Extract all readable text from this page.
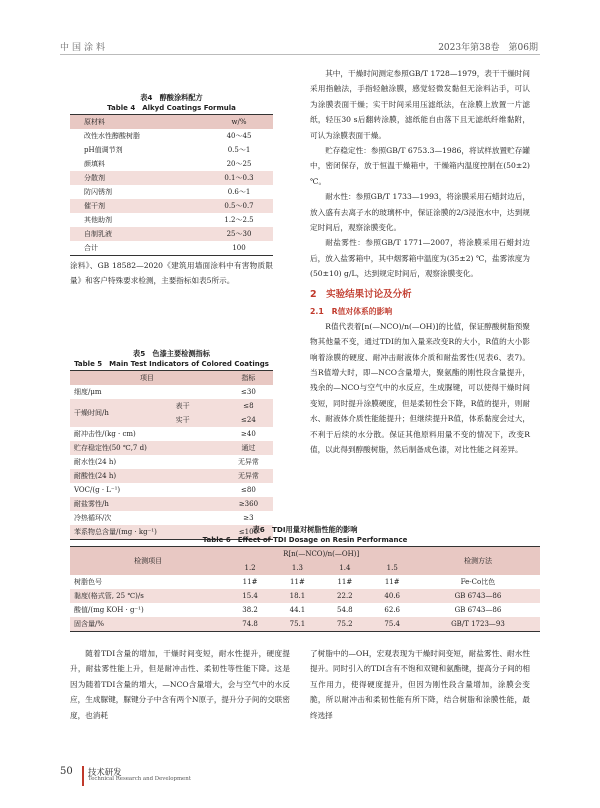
中国涂料	2023年第38卷　第06期
表4　醇酸涂料配方
Table 4　Alkyd Coatings Formula
原材料	w/%
改性水性醇酸树脂	40～45
pH值调节剂	0.5～1
颜填料	20～25
分散剂	0.1～0.3
防闪锈剂	0.6～1
催干剂	0.5～0.7
其他助剂	1.2～2.5
自制乳液	25～30
合计	100

涂料》、GB 18582—2020《建筑用墙面涂料中有害物质限量》和客户特殊要求检测，主要指标如表5所示。

表5　色漆主要检测指标
Table 5　Main Test Indicators of Colored Coatings
项目		指标
细度/μm		≤30
干燥时间/h	表干	≤8
	实干	≤24
耐冲击性/(kg · cm)		≥40
贮存稳定性(50 ℃,7 d)		通过
耐水性(24 h)		无异常
耐酸性(24 h)		无异常
VOC/(g · L⁻¹)		≤80
耐盐雾性/h		≥360
冷热循环/次		≥3
苯系物总含量/(mg · kg⁻¹)		≤100

其中，干燥时间测定参照GB/T 1728—1979，表干干燥时间采用指触法，手指轻触涂膜，感觉轻微发黏但无涂料沾手，可认为涂膜表面干燥；实干时间采用压滤纸法，在涂膜上放置一片滤纸，轻压30 s后翻转涂膜，滤纸能自由落下且无滤纸纤维黏附，可认为涂膜表面干燥。

贮存稳定性：参照GB/T 6753.3—1986，将试样放置贮存罐中，密闭保存，放于恒温干燥箱中，干燥箱内温度控制在(50±2) ℃。

耐水性：参照GB/T 1733—1993，将涂膜采用石蜡封边后，放入盛有去离子水的玻璃杯中，保证涂膜的2/3浸泡水中，达到规定时间后，观察涂膜变化。

耐盐雾性：参照GB/T 1771—2007，将涂膜采用石蜡封边后，放入盐雾箱中，其中烟雾箱中温度为(35±2) ℃，盐雾浓度为(50±10) g/L，达到规定时间后，观察涂膜变化。

2　实验结果讨论及分析
2.1　R值对体系的影响

R值代表着[n(—NCO)/n(—OH)]的比值，保证醇酸树脂预聚物其他量不变，通过TDI的加入量来改变R的大小，R值的大小影响着涂膜的硬度、耐冲击耐液体介质和耐盐雾性(见表6、表7)。当R值增大时，即—NCO含量增大，聚氨酯的刚性段含量提升，残余的—NCO与空气中的水反应，生成脲键，可以使得干燥时间变短，同时提升涂膜硬度，但是柔韧性会下降，R值的提升，则耐水、耐液体介质性能能提升；但继续提升R值，体系黏度会过大，不利于后续的水分散。保证其他原料用量不变的情况下，改变R值，以此得到醇酸树脂，然后制备成色漆，对比性能之间差异。

表6　TDI用量对树脂性能的影响
Table 6　Effect of TDI Dosage on Resin Performance
检测项目	R[n(—NCO)/n(—OH)]				检测方法
	1.2	1.3	1.4	1.5	
树脂色号	11#	11#	11#	11#	Fe-Co比色
黏度(格式管, 25 ℃)/s	15.4	18.1	22.2	40.6	GB 6743—86
酸值/(mg KOH · g⁻¹)	38.2	44.1	54.8	62.6	GB 6743—86
固含量/%	74.8	75.1	75.2	75.4	GB/T 1723—93

随着TDI含量的增加，干燥时间变短，耐水性提升，硬度提升，耐盐雾性能上升，但是耐冲击性、柔韧性等性能下降。这是因为随着TDI含量的增大，—NCO含量增大，会与空气中的水反应，生成脲键，脲键分子中含有两个N原子，提升分子间的交联密度，也消耗

了树脂中的—OH，宏观表现为干燥时间变短，耐盐雾性、耐水性提升。同时引入的TDI含有不饱和双键和氨酯键，提高分子间的相互作用力，使得硬度提升，但因为刚性段含量增加，涂膜会变脆，所以耐冲击和柔韧性能有所下降，结合树脂和涂膜性能，最终选择

50 技术研发
Technical Research and Development
